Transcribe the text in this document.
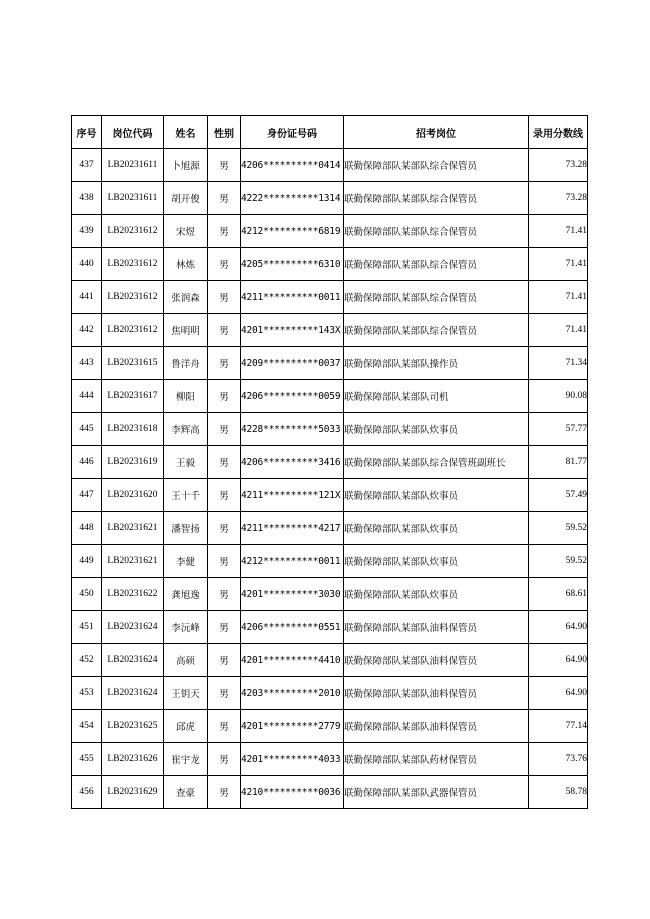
序号	岗位代码	姓名	性别	身份证号码	招考岗位	录用分数线
437	LB20231611	卜旭源	男	4206**********0414	联勤保障部队某部队综合保管员	73.28
438	LB20231611	胡开俊	男	4222**********1314	联勤保障部队某部队综合保管员	73.28
439	LB20231612	宋煜	男	4212**********6819	联勤保障部队某部队综合保管员	71.41
440	LB20231612	林炼	男	4205**********6310	联勤保障部队某部队综合保管员	71.41
441	LB20231612	张润森	男	4211**********0011	联勤保障部队某部队综合保管员	71.41
442	LB20231612	焦明明	男	4201**********143X	联勤保障部队某部队综合保管员	71.41
443	LB20231615	鲁洋舟	男	4209**********0037	联勤保障部队某部队操作员	71.34
444	LB20231617	柳阳	男	4206**********0059	联勤保障部队某部队司机	90.08
445	LB20231618	李辉高	男	4228**********5033	联勤保障部队某部队炊事员	57.77
446	LB20231619	王毅	男	4206**********3416	联勤保障部队某部队综合保管班副班长	81.77
447	LB20231620	王十千	男	4211**********121X	联勤保障部队某部队炊事员	57.49
448	LB20231621	潘智扬	男	4211**********4217	联勤保障部队某部队炊事员	59.52
449	LB20231621	李健	男	4212**********0011	联勤保障部队某部队炊事员	59.52
450	LB20231622	龚旭逸	男	4201**********3030	联勤保障部队某部队炊事员	68.61
451	LB20231624	李沅峰	男	4206**********0551	联勤保障部队某部队油料保管员	64.90
452	LB20231624	高硕	男	4201**********4410	联勤保障部队某部队油料保管员	64.90
453	LB20231624	王钥天	男	4203**********2010	联勤保障部队某部队油料保管员	64.90
454	LB20231625	邱虎	男	4201**********2779	联勤保障部队某部队油料保管员	77.14
455	LB20231626	崔宇龙	男	4201**********4033	联勤保障部队某部队药材保管员	73.76
456	LB20231629	查豪	男	4210**********0036	联勤保障部队某部队武器保管员	58.78
